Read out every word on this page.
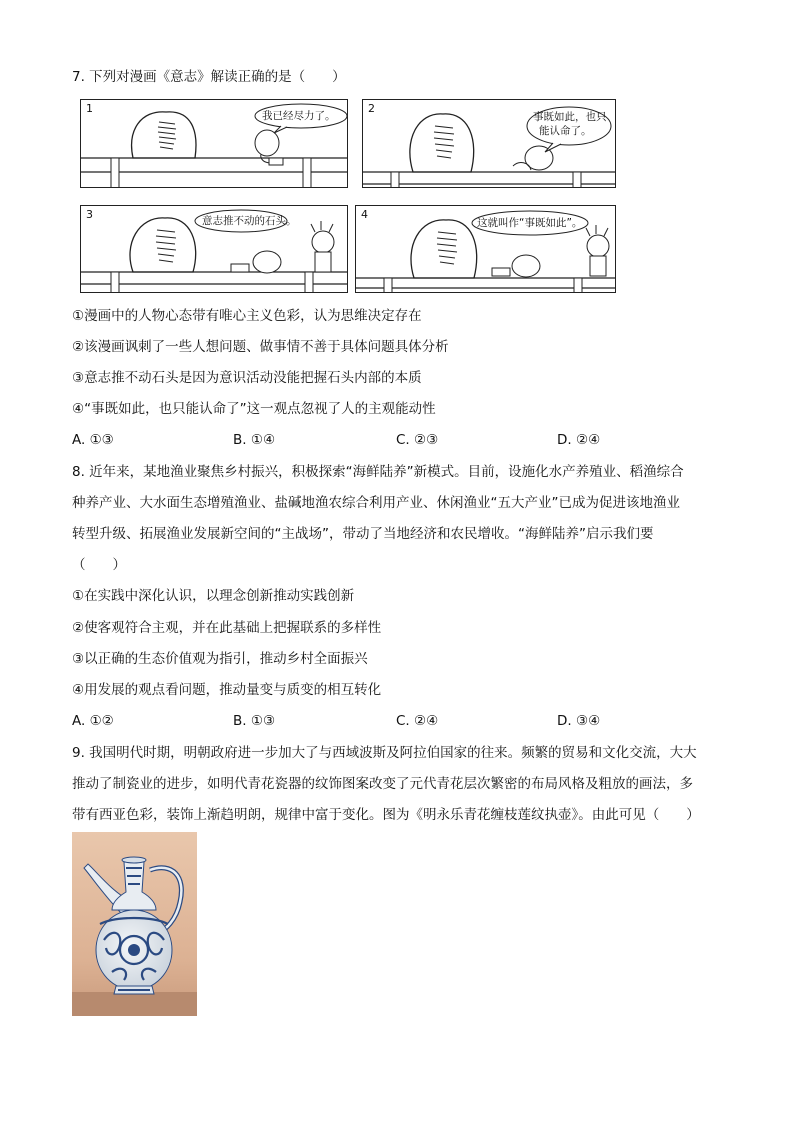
7. 下列对漫画《意志》解读正确的是（　　）
1
我已经尽力了。
2
事既如此，也只
能认命了。
3	意志推不动的石头。	4
这就叫作“事既如此”。
①漫画中的人物心态带有唯心主义色彩，认为思维决定存在
②该漫画讽刺了一些人想问题、做事情不善于具体问题具体分析
③意志推不动石头是因为意识活动没能把握石头内部的本质
④“事既如此，也只能认命了”这一观点忽视了人的主观能动性
A. ①③	B. ①④	C. ②③	D. ②④
8. 近年来，某地渔业聚焦乡村振兴，积极探索“海鲜陆养”新模式。目前，设施化水产养殖业、稻渔综合
种养产业、大水面生态增殖渔业、盐碱地渔农综合利用产业、休闲渔业“五大产业”已成为促进该地渔业
转型升级、拓展渔业发展新空间的“主战场”，带动了当地经济和农民增收。“海鲜陆养”启示我们要
（　　）
①在实践中深化认识，以理念创新推动实践创新
②使客观符合主观，并在此基础上把握联系的多样性
③以正确的生态价值观为指引，推动乡村全面振兴
④用发展的观点看问题，推动量变与质变的相互转化
A. ①②	B. ①③	C. ②④	D. ③④
9. 我国明代时期，明朝政府进一步加大了与西域波斯及阿拉伯国家的往来。频繁的贸易和文化交流，大大
推动了制瓷业的进步，如明代青花瓷器的纹饰图案改变了元代青花层次繁密的布局风格及粗放的画法，多
带有西亚色彩，装饰上渐趋明朗，规律中富于变化。图为《明永乐青花缠枝莲纹执壶》。由此可见（　　）
